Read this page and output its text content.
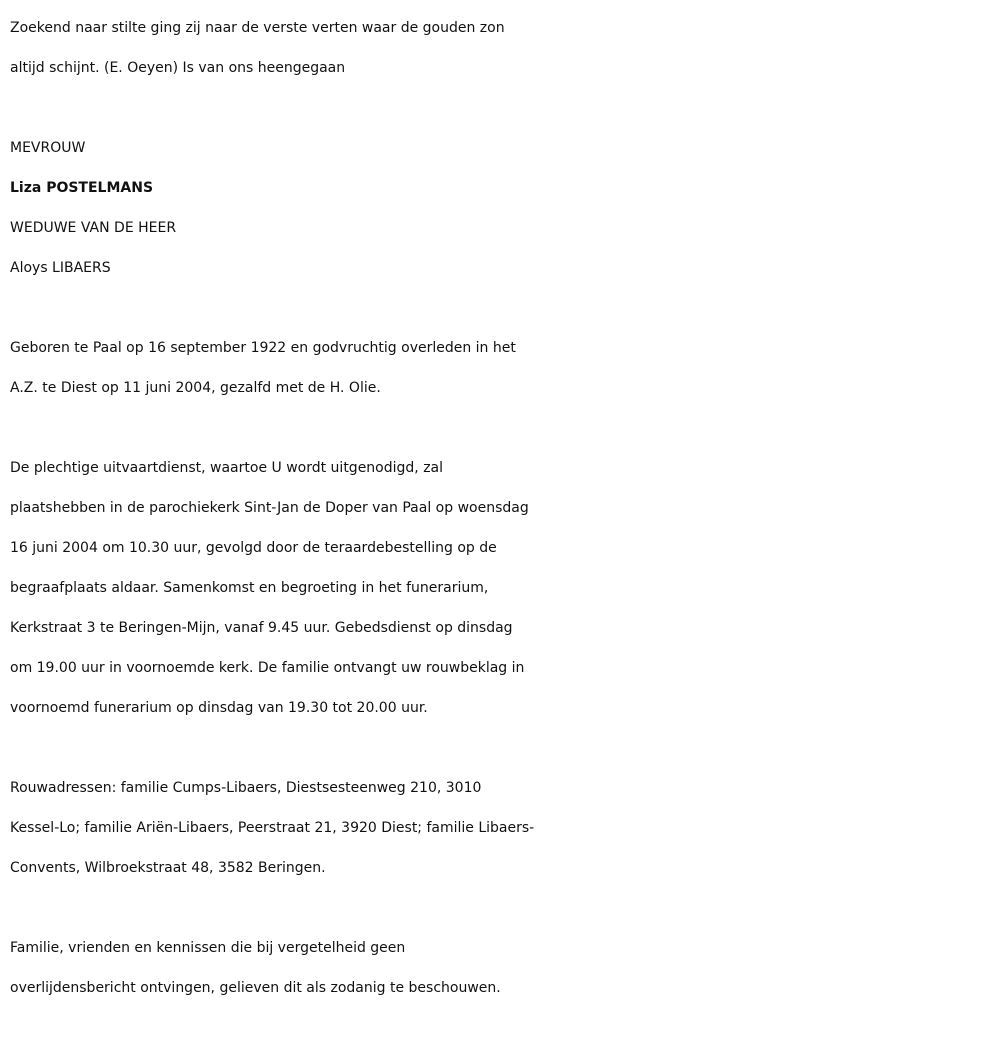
Zoekend naar stilte ging zij naar de verste verten waar de gouden zon

altijd schijnt. (E. Oeyen) Is van ons heengegaan

MEVROUW

Liza POSTELMANS

WEDUWE VAN DE HEER

Aloys LIBAERS

Geboren te Paal op 16 september 1922 en godvruchtig overleden in het

A.Z. te Diest op 11 juni 2004, gezalfd met de H. Olie.

De plechtige uitvaartdienst, waartoe U wordt uitgenodigd, zal

plaatshebben in de parochiekerk Sint-Jan de Doper van Paal op woensdag

16 juni 2004 om 10.30 uur, gevolgd door de teraardebestelling op de

begraafplaats aldaar. Samenkomst en begroeting in het funerarium,

Kerkstraat 3 te Beringen-Mijn, vanaf 9.45 uur. Gebedsdienst op dinsdag

om 19.00 uur in voornoemde kerk. De familie ontvangt uw rouwbeklag in

voornoemd funerarium op dinsdag van 19.30 tot 20.00 uur.

Rouwadressen: familie Cumps-Libaers, Diestsesteenweg 210, 3010

Kessel-Lo; familie Ariën-Libaers, Peerstraat 21, 3920 Diest; familie Libaers-

Convents, Wilbroekstraat 48, 3582 Beringen.

Familie, vrienden en kennissen die bij vergetelheid geen

overlijdensbericht ontvingen, gelieven dit als zodanig te beschouwen.
